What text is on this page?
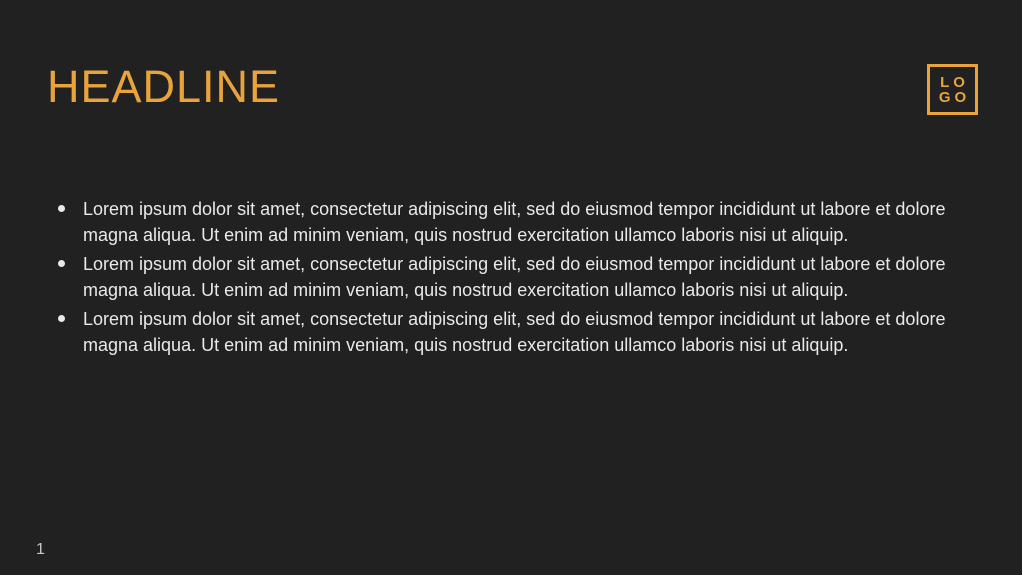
HEADLINE	LO
GO
Lorem ipsum dolor sit amet, consectetur adipiscing elit, sed do eiusmod tempor incididunt ut labore et dolore magna aliqua. Ut enim ad minim veniam, quis nostrud exercitation ullamco laboris nisi ut aliquip.
Lorem ipsum dolor sit amet, consectetur adipiscing elit, sed do eiusmod tempor incididunt ut labore et dolore magna aliqua. Ut enim ad minim veniam, quis nostrud exercitation ullamco laboris nisi ut aliquip.
Lorem ipsum dolor sit amet, consectetur adipiscing elit, sed do eiusmod tempor incididunt ut labore et dolore magna aliqua. Ut enim ad minim veniam, quis nostrud exercitation ullamco laboris nisi ut aliquip.
1
